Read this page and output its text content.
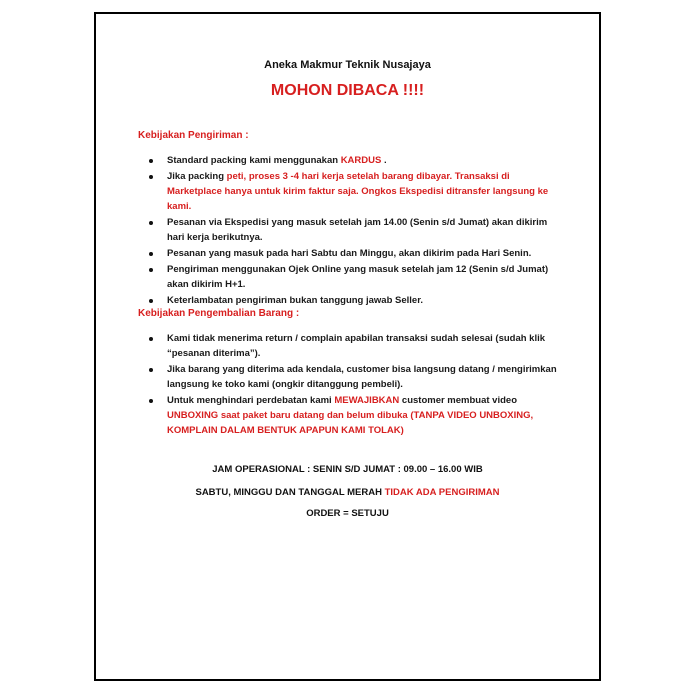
Aneka Makmur Teknik Nusajaya
MOHON DIBACA !!!!
Kebijakan Pengiriman :
Standard packing kami menggunakan KARDUS .
Jika packing peti, proses 3 -4 hari kerja setelah barang dibayar. Transaksi di Marketplace hanya untuk kirim faktur saja. Ongkos Ekspedisi ditransfer langsung ke kami.
Pesanan via Ekspedisi yang masuk setelah jam 14.00 (Senin s/d Jumat) akan dikirim hari kerja berikutnya.
Pesanan yang masuk pada hari Sabtu dan Minggu, akan dikirim pada Hari Senin.
Pengiriman menggunakan Ojek Online yang masuk setelah jam 12 (Senin s/d Jumat) akan dikirim H+1.
Keterlambatan pengiriman bukan tanggung jawab Seller.
Kebijakan Pengembalian Barang :
Kami tidak menerima return / complain apabilan transaksi sudah selesai (sudah klik “pesanan diterima”).
Jika barang yang diterima ada kendala, customer bisa langsung datang / mengirimkan langsung ke toko kami (ongkir ditanggung pembeli).
Untuk menghindari perdebatan kami MEWAJIBKAN customer membuat video UNBOXING saat paket baru datang dan belum dibuka (TANPA VIDEO UNBOXING, KOMPLAIN DALAM BENTUK APAPUN KAMI TOLAK)
JAM OPERASIONAL : SENIN S/D JUMAT : 09.00 – 16.00 WIB
SABTU, MINGGU DAN TANGGAL MERAH TIDAK ADA PENGIRIMAN
ORDER = SETUJU
